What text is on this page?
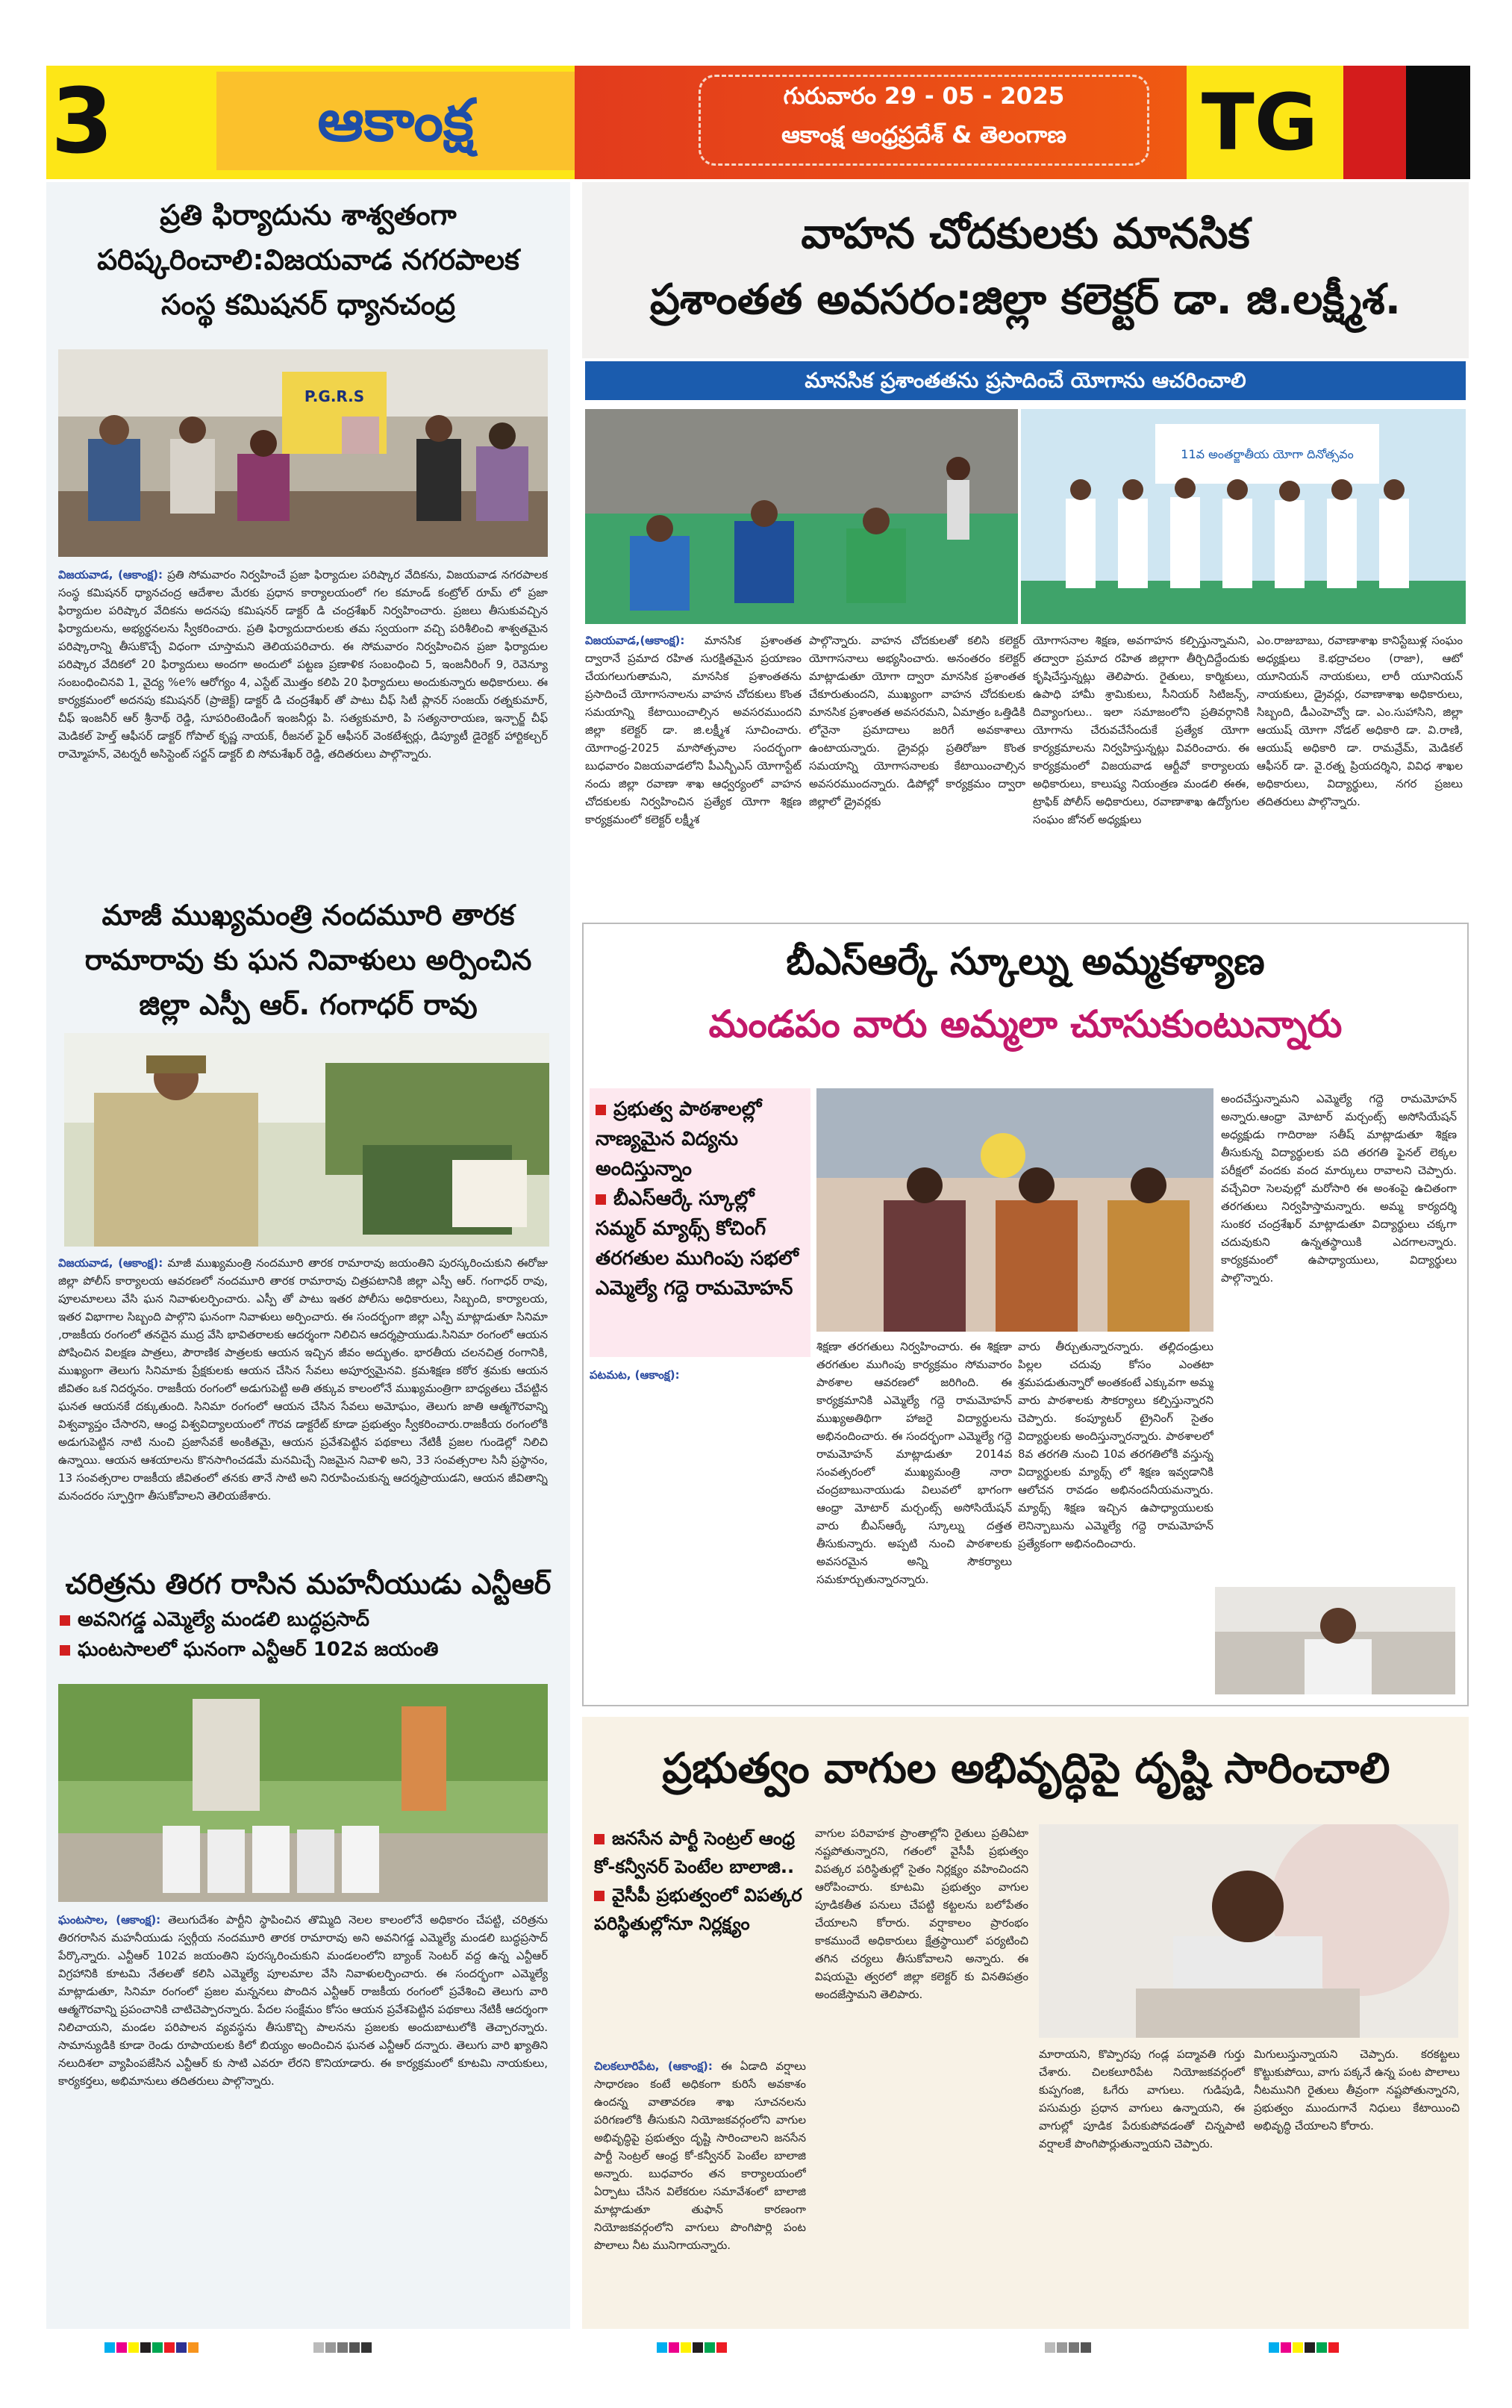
3	ఆకాంక్ష	గురువారం 29 - 05 - 2025
ఆకాంక్ష ఆంధ్రప్రదేశ్ & తెలంగాణ	TG
ప్రతి ఫిర్యాదును శాశ్వతంగా
పరిష్కరించాలి:విజయవాడ నగరపాలక
సంస్థ కమిషనర్ ధ్యానచంద్ర
P.G.R.S
విజయవాడ, (ఆకాంక్ష): ప్రతి సోమవారం నిర్వహించే ప్రజా ఫిర్యాదుల పరిష్కార వేదికను, విజయవాడ నగరపాలక సంస్థ కమిషనర్ ధ్యానచంద్ర ఆదేశాల మేరకు ప్రధాన కార్యాలయంలో గల కమాండ్ కంట్రోల్ రూమ్ లో ప్రజా ఫిర్యాదుల పరిష్కార వేదికను అదనపు కమిషనర్ డాక్టర్ డి చంద్రశేఖర్ నిర్వహించారు. ప్రజలు తీసుకువచ్చిన ఫిర్యాదులను, అభ్యర్థనలను స్వీకరించారు. ప్రతి ఫిర్యాదుదారులకు తమ స్వయంగా వచ్చి పరిశీలించి శాశ్వతమైన పరిష్కారాన్ని తీసుకొచ్చే విధంగా చూస్తామని తెలియపరిచారు. ఈ సోమవారం నిర్వహించిన ప్రజా ఫిర్యాదుల పరిష్కార వేదికలో 20 ఫిర్యాదులు అందగా అందులో పట్టణ ప్రణాళిక సంబంధించి 5, ఇంజనీరింగ్ 9, రెవెన్యూ సంబంధించినవి 1, వైద్య %e% ఆరోగ్యం 4, ఎస్టేట్ మొత్తం కలిపి 20 ఫిర్యాదులు అందుకున్నారు అధికారులు. ఈ కార్యక్రమంలో అదనపు కమిషనర్ (ప్రాజెక్ట్) డాక్టర్ డి చంద్రశేఖర్ తో పాటు చీఫ్ సిటీ ప్లానర్ సంజయ్ రత్నకుమార్, చీఫ్ ఇంజనీర్ ఆర్ శ్రీనాథ్ రెడ్డి, సూపరింటెండింగ్ ఇంజనీర్లు పి. సత్యకుమారి, పి సత్యనారాయణ, ఇన్చార్జ్ చీఫ్ మెడికల్ హెల్త్ ఆఫీసర్ డాక్టర్ గోపాల్ కృష్ణ నాయక్, రీజనల్ ఫైర్ ఆఫీసర్ వెంకటేశ్వర్లు, డిప్యూటీ డైరెక్టర్ హార్టికల్చర్ రామ్మోహన్, వెటర్నరీ అసిస్టెంట్ సర్జన్ డాక్టర్ బి సోమశేఖర్ రెడ్డి, తదితరులు పాల్గొన్నారు.
మాజీ ముఖ్యమంత్రి నందమూరి తారక
రామారావు కు ఘన నివాళులు అర్పించిన
జిల్లా ఎస్పీ ఆర్. గంగాధర్ రావు
విజయవాడ, (ఆకాంక్ష): మాజీ ముఖ్యమంత్రి నందమూరి తారక రామారావు జయంతిని పురస్కరించుకుని ఈరోజు జిల్లా పోలీస్ కార్యాలయ ఆవరణలో నందమూరి తారక రామారావు చిత్రపటానికి జిల్లా ఎస్పీ ఆర్. గంగాధర్ రావు, పూలమాలలు వేసి ఘన నివాళులర్పించారు. ఎస్పీ తో పాటు ఇతర పోలీసు అధికారులు, సిబ్బంది, కార్యాలయ, ఇతర విభాగాల సిబ్బంది పాల్గొని ఘనంగా నివాళులు అర్పించారు. ఈ సందర్భంగా జిల్లా ఎస్పీ మాట్లాడుతూ సినిమా ,రాజకీయ రంగంలో తనదైన ముద్ర వేసి భావితరాలకు ఆదర్శంగా నిలిచిన ఆదర్శప్రాయుడు.సినిమా రంగంలో ఆయన పోషించిన విలక్షణ పాత్రలు, పౌరాణిక పాత్రలకు ఆయన ఇచ్చిన జీవం అద్భుతం. భారతీయ చలనచిత్ర రంగానికి, ముఖ్యంగా తెలుగు సినిమాకు ప్రేక్షకులకు ఆయన చేసిన సేవలు అపూర్వమైనవి. క్రమశిక్షణ కఠోర శ్రమకు ఆయన జీవితం ఒక నిదర్శనం. రాజకీయ రంగంలో అడుగుపెట్టి అతి తక్కువ కాలంలోనే ముఖ్యమంత్రిగా బాధ్యతలు చేపట్టిన ఘనత ఆయనకే దక్కుతుంది. సినిమా రంగంలో ఆయన చేసిన సేవలు అమోఘం, తెలుగు జాతి ఆత్మగౌరవాన్ని విశ్వవ్యాప్తం చేసారని, ఆంధ్ర విశ్వవిద్యాలయంలో గౌరవ డాక్టరేట్ కూడా ప్రభుత్వం స్వీకరించారు.రాజకీయ రంగంలోకి అడుగుపెట్టిన నాటి నుంచి ప్రజాసేవకే అంకితమై, ఆయన ప్రవేశపెట్టిన పథకాలు నేటికీ ప్రజల గుండెల్లో నిలిచి ఉన్నాయి. ఆయన ఆశయాలను కొనసాగించడమే మనమిచ్చే నిజమైన నివాళి అని, 33 సంవత్సరాల సినీ ప్రస్థానం, 13 సంవత్సరాల రాజకీయ జీవితంలో తనకు తానే సాటి అని నిరూపించుకున్న ఆదర్శప్రాయుడని, ఆయన జీవితాన్ని మనందరం స్ఫూర్తిగా తీసుకోవాలని తెలియజేశారు.
చరిత్రను తిరగ రాసిన మహనీయుడు ఎన్టీఆర్
అవనిగడ్డ ఎమ్మెల్యే మండలి బుద్ధప్రసాద్
ఘంటసాలలో ఘనంగా ఎన్టీఆర్ 102వ జయంతి
ఘంటసాల, (ఆకాంక్ష): తెలుగుదేశం పార్టీని స్థాపించిన తొమ్మిది నెలల కాలంలోనే అధికారం చేపట్టి, చరిత్రను తిరగరాసిన మహనీయుడు స్వర్గీయ నందమూరి తారక రామారావు అని అవనిగడ్డ ఎమ్మెల్యే మండలి బుద్ధప్రసాద్ పేర్కొన్నారు. ఎన్టీఆర్ 102వ జయంతిని పురస్కరించుకుని మండలంలోని బ్యాంక్ సెంటర్ వద్ద ఉన్న ఎన్టీఆర్ విగ్రహానికి కూటమి నేతలతో కలిసి ఎమ్మెల్యే పూలమాల వేసి నివాళులర్పించారు. ఈ సందర్భంగా ఎమ్మెల్యే మాట్లాడుతూ, సినిమా రంగంలో ప్రజల మన్ననలు పొందిన ఎన్టీఆర్ రాజకీయ రంగంలో ప్రవేశించి తెలుగు వారి ఆత్మగౌరవాన్ని ప్రపంచానికి చాటిచెప్పారన్నారు. పేదల సంక్షేమం కోసం ఆయన ప్రవేశపెట్టిన పథకాలు నేటికీ ఆదర్శంగా నిలిచాయని, మండల పరిపాలన వ్యవస్థను తీసుకొచ్చి పాలనను ప్రజలకు అందుబాటులోకి తెచ్చారన్నారు. సామాన్యుడికి కూడా రెండు రూపాయలకు కిలో బియ్యం అందించిన ఘనత ఎన్టీఆర్ దన్నారు. తెలుగు వారి ఖ్యాతిని నలుదిశలా వ్యాపింపజేసిన ఎన్టీఆర్ కు సాటి ఎవరూ లేరని కొనియాడారు. ఈ కార్యక్రమంలో కూటమి నాయకులు, కార్యకర్తలు, అభిమానులు తదితరులు పాల్గొన్నారు.
వాహన చోదకులకు మానసిక
ప్రశాంతత అవసరం:జిల్లా కలెక్టర్ డా. జి.లక్ష్మీశ.
మానసిక ప్రశాంతతను ప్రసాదించే యోగాను ఆచరించాలి
11వ అంతర్జాతీయ యోగా దినోత్సవం
విజయవాడ,(ఆకాంక్ష): మానసిక ప్రశాంతత ద్వారానే ప్రమాద రహిత సురక్షితమైన ప్రయాణం చేయగలుగుతామని, మానసిక ప్రశాంతతను ప్రసాదించే యోగాసనాలను వాహన చోదకులు కొంత సమయాన్ని కేటాయించాల్సిన అవసరముందని జిల్లా కలెక్టర్ డా. జి.లక్ష్మీశ సూచించారు. యోగాంధ్ర-2025 మాసోత్సవాల సందర్భంగా బుధవారం విజయవాడలోని పీఎన్బీఎస్ యోగాస్టేట్ నందు జిల్లా రవాణా శాఖ ఆధ్వర్యంలో వాహన చోదకులకు నిర్వహించిన ప్రత్యేక యోగా శిక్షణ కార్యక్రమంలో కలెక్టర్ లక్ష్మీశ
పాల్గొన్నారు. వాహన చోదకులతో కలిసి కలెక్టర్ యోగాసనాలు అభ్యసించారు. అనంతరం కలెక్టర్ మాట్లాడుతూ యోగా ద్వారా మానసిక ప్రశాంతత చేకూరుతుందని, ముఖ్యంగా వాహన చోదకులకు మానసిక ప్రశాంతత అవసరమని, ఏమాత్రం ఒత్తిడికి లోనైనా ప్రమాదాలు జరిగే అవకాశాలు ఉంటాయన్నారు. డ్రైవర్లు ప్రతిరోజూ కొంత సమయాన్ని యోగాసనాలకు కేటాయించాల్సిన అవసరముందన్నారు. డిపోల్లో కార్యక్రమం ద్వారా జిల్లాలో డ్రైవర్లకు
యోగాసనాల శిక్షణ, అవగాహన కల్పిస్తున్నామని, తద్వారా ప్రమాద రహిత జిల్లాగా తీర్చిదిద్దేందుకు కృషిచేస్తున్నట్లు తెలిపారు. రైతులు, కార్మికులు, ఉపాధి హామీ శ్రామికులు, సీనియర్ సిటిజన్స్, దివ్యాంగులు.. ఇలా సమాజంలోని ప్రతివర్గానికి యోగాను చేరువచేసేందుకే ప్రత్యేక యోగా కార్యక్రమాలను నిర్వహిస్తున్నట్లు వివరించారు. ఈ కార్యక్రమంలో విజయవాడ ఆర్టీవో కార్యాలయ అధికారులు, కాలుష్య నియంత్రణ మండలి ఈఈ, ట్రాఫిక్ పోలీస్ అధికారులు, రవాణాశాఖ ఉద్యోగుల సంఘం జోనల్ అధ్యక్షులు
ఎం.రాజుబాబు, రవాణాశాఖ కానిస్టేబుళ్ల సంఘం అధ్యక్షులు కె.భద్రాచలం (రాజా), ఆటో యూనియన్ నాయకులు, లారీ యూనియన్ నాయకులు, డ్రైవర్లు, రవాణాశాఖ అధికారులు, సిబ్బంది, డీఎంహెచ్వో డా. ఎం.సుహాసిని, జిల్లా ఆయుష్ యోగా నోడల్ అధికారి డా. వి.రాణి, ఆయుష్ అధికారి డా. రామవ్రేమ్, మెడికల్ ఆఫీసర్ డా. వై.రత్న ప్రియదర్శిని, వివిధ శాఖల అధికారులు, విద్యార్థులు, నగర ప్రజలు తదితరులు పాల్గొన్నారు.
బీఎస్ఆర్కే స్కూల్ను అమ్మకళ్యాణ
మండపం వారు అమ్మలా చూసుకుంటున్నారు
ప్రభుత్వ పాఠశాలల్లో నాణ్యమైన విద్యను అందిస్తున్నాం
బీఎస్ఆర్కే స్కూల్లో సమ్మర్ మ్యాథ్స్ కోచింగ్ తరగతుల ముగింపు సభలో ఎమ్మెల్యే గద్దె రామమోహన్
శిక్షణా తరగతులు నిర్వహించారు. ఈ శిక్షణా తరగతుల ముగింపు కార్యక్రమం సోమవారం పాఠశాల ఆవరణలో జరిగింది. ఈ కార్యక్రమానికి ఎమ్మెల్యే గద్దె రామమోహన్ ముఖ్యఅతిథిగా హాజరై విద్యార్థులను అభినందించారు. ఈ సందర్భంగా ఎమ్మెల్యే గద్దె రామమోహన్ మాట్లాడుతూ 2014వ సంవత్సరంలో ముఖ్యమంత్రి నారా చంద్రబాబునాయుడు విలువలో భాగంగా ఆంధ్రా మోటార్ మర్చంట్స్ అసోసియేషన్ వారు బీఎస్ఆర్కే స్కూల్ను దత్తత తీసుకున్నారు. అప్పటి నుంచి పాఠశాలకు అవసరమైన అన్ని సౌకర్యాలు సమకూర్చుతున్నారన్నారు.
వారు తీర్చుతున్నారన్నారు. తల్లిదండ్రులు పిల్లల చదువు కోసం ఎంతటా శ్రమపడుతున్నారో అంతకంటే ఎక్కువగా అమ్మ వారు పాఠశాలకు సౌకర్యాలు కల్పిస్తున్నారని చెప్పారు. కంప్యూటర్ ట్రైనింగ్ సైతం విద్యార్థులకు అందిస్తున్నారన్నారు. పాఠశాలలో 8వ తరగతి నుంచి 10వ తరగతిలోకి వస్తున్న విద్యార్థులకు మ్యాథ్స్ లో శిక్షణ ఇవ్వడానికి ఆలోచన రావడం అభినందనీయమన్నారు. మ్యాథ్స్ శిక్షణ ఇచ్చిన ఉపాధ్యాయులకు లెనిన్బాబును ఎమ్మెల్యే గద్దె రామమోహన్ ప్రత్యేకంగా అభినందించారు.
అందచేస్తున్నామని ఎమ్మెల్యే గద్దె రామమోహన్ అన్నారు.ఆంధ్రా మోటార్ మర్చంట్స్ అసోసియేషన్ అధ్యక్షుడు గాదిరాజు సతీష్ మాట్లాడుతూ శిక్షణ తీసుకున్న విద్యార్థులకు పది తరగతి ఫైనల్ లెక్కల పరీక్షలో వందకు వంద మార్కులు రావాలని చెప్పారు. వచ్చేవిరా సెలవుల్లో మరోసారి ఈ అంశంపై ఉచితంగా తరగతులు నిర్వహిస్తామన్నారు. అమ్మ కార్యదర్శి సుంకర చంద్రశేఖర్ మాట్లాడుతూ విద్యార్థులు చక్కగా చదువుకుని ఉన్నతస్థాయికి ఎదగాలన్నారు. కార్యక్రమంలో ఉపాధ్యాయులు, విద్యార్థులు పాల్గొన్నారు.
పటమట, (ఆకాంక్ష):
ప్రభుత్వం వాగుల అభివృద్ధిపై దృష్టి సారించాలి
జనసేన పార్టీ సెంట్రల్ ఆంధ్ర కో-కన్వీనర్ పెంటేల బాలాజి..
వైసీపీ ప్రభుత్వంలో విపత్కర పరిస్థితుల్లోనూ నిర్లక్ష్యం
చిలకలూరిపేట, (ఆకాంక్ష): ఈ ఏడాది వర్షాలు సాధారణం కంటే అధికంగా కురిసే అవకాశం ఉందన్న వాతావరణ శాఖ సూచనలను పరిగణలోకి తీసుకుని నియోజకవర్గంలోని వాగుల అభివృద్ధిపై ప్రభుత్వం దృష్టి సారించాలని జనసేన పార్టీ సెంట్రల్ ఆంధ్ర కో-కన్వీనర్ పెంటేల బాలాజి అన్నారు. బుధవారం తన కార్యాలయంలో ఏర్పాటు చేసిన విలేకరుల సమావేశంలో బాలాజి మాట్లాడుతూ తుఫాన్ కారణంగా నియోజకవర్గంలోని వాగులు పొంగిపొర్లి పంట పొలాలు నీట మునిగాయన్నారు.
వాగుల పరివాహక ప్రాంతాల్లోని రైతులు ప్రతిఏటా నష్టపోతున్నారని, గతంలో వైసీపీ ప్రభుత్వం విపత్కర పరిస్థితుల్లో సైతం నిర్లక్ష్యం వహించిందని ఆరోపించారు. కూటమి ప్రభుత్వం వాగుల పూడికతీత పనులు చేపట్టి కట్టలను బలోపేతం చేయాలని కోరారు. వర్షాకాలం ప్రారంభం కాకముందే అధికారులు క్షేత్రస్థాయిలో పర్యటించి తగిన చర్యలు తీసుకోవాలని అన్నారు. ఈ విషయమై త్వరలో జిల్లా కలెక్టర్ కు వినతిపత్రం అందజేస్తామని తెలిపారు.
మారాయని, కొప్పారపు గండ్ల పద్మావతి గుర్తు చేశారు. చిలకలూరిపేట నియోజకవర్గంలో కుప్పగంజి, ఓగేరు వాగులు. గుడిపుడి, పసుమర్రు ప్రధాన వాగులు ఉన్నాయని, ఈ వాగుల్లో పూడిక పేరుకుపోవడంతో చిన్నపాటి వర్షాలకే పొంగిపొర్లుతున్నాయని చెప్పారు.
మిగులుస్తున్నాయని చెప్పారు. కరకట్టలు కొట్టుకుపోయి, వాగు పక్కనే ఉన్న పంట పొలాలు నీటమునిగి రైతులు తీవ్రంగా నష్టపోతున్నారని, ప్రభుత్వం ముందుగానే నిధులు కేటాయించి అభివృద్ధి చేయాలని కోరారు.
